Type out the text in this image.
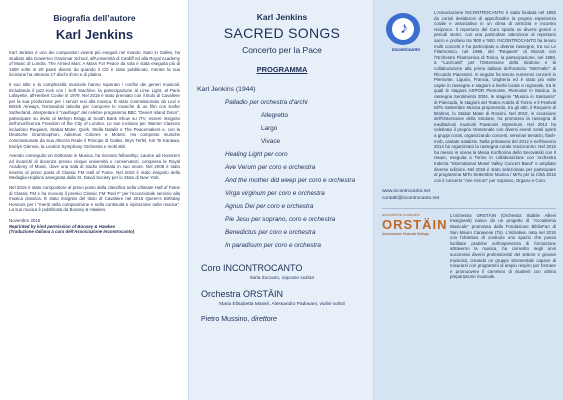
Biografia dell’autore
Karl Jenkins

Karl Jenkins è uno dei compositori viventi più eseguiti nel mondo. Nato in Galles, ha studiato alla Gowerton Grammar School, all'Università di Cardiff ed alla Royal Academy of Music di Londra. The Armed Man: A Mass For Peace da sola è stata eseguita più di 1800 volte in 20 paesi diversi da quando il CD è stato pubblicato, mentre la sua incisione ha ottenuto 17 dischi d'oro e di platino.

Il suo stile e la complessità musicale hanno superato i confini dei generi musicali, includendo il jazz-rock con i Soft Machine, la partecipazione al Lime Light, al Paris Lafayette, all'Herbert Cooke in 1979. Nel 2019 è stato premiato con il titolo di Cavaliere per la sua produzione per i servizi resi alla musica. È stato commissionato da Levi e British Airways, fermandosi talvolta per comporre le musiche di un film con Keifer Sutherland, interpretare il "naufrago" del celebre programma BBC "Desert Island Discs", partecipare su invito al Melvyn Bragg al South Bank Show su ITV, essere insignito dell'onorificenza Freedom of the City of London. Le sue incisioni per Warner Classics includono Requiem, Stabat Mater, Quirk, Stella Natalis e The Peacemakers e, con la Deutsche Grammophon, Adiemus Colores e Motets. Ha composto musiche commissionate da Sua Altezza Reale il Principe di Galles, Bryn Terfel, Kiri Te Kanawa, Evelyn Glennie, la London Symphony Orchestra e molti altri.

Avendo conseguito un Dottorato in Musica, ha ricevuto fellowship, Lauree ad Honorem ed incarichi di docenza presso cinque università o conservatori, compresa la Royal Academy of Music, dove una sala di studio intitolata in suo onore. Nel 2008 è stato inserito al primo posto di Classic FM Hall of Fame. Nel 2015 è stato insignito della Medaglia Hopkins assegnata dalla St. David Society per lo Stato di New York.

Nel 2015 è stato compositore al primo posto della classifica nella Ultimate Hall of Fame di Classic FM e ha ricevuto il premio Classic FM 'Red F' per l'eccezionale servizio alla musica classica. È stato insignito del titolo di Cavaliere nel 2015 Queen's Birthday Honours per i "meriti nella composizione e nella continuità e ispirazione nella musica". La sua musica è pubblicata da Boosey & Hawkes.

Novembre 2015
Reprinted by kind permission of Boosey & Hawkes
(Traduzione italiana a cura dell'Associazione Incontrocanto)
Karl Jenkins
SACRED SONGS
Concerto per la Pace
PROGRAMMA
Karl Jenkins (1944)
Palladio per orchestra d'archi
Allegretto
Largo
Vivace
Healing Light per coro
Ave Verum per coro e orchestra
And the mother did weep per coro e orchestra
Virga virginum per coro e orchestra
Agnus Dei per coro e orchestra
Pie Jesu per soprano, coro e orchestra
Benedictus per coro e orchestra
In paradisum per coro e orchestra
Coro INCONTROCANTO
Ilaria Zuccaro, soprano solista
Orchestra ORSTÄIN
Maria Elisabetta Massé, Alessandro Padovani, violini solisti
Pietro Mussino, direttore
♪
Incontrocanto

L'Associazione INCONTROCANTO è stata fondata nel 1993 da coristi desiderosi di approfondire la propria esperienza corale e associativa in un clima di amicizia e incontro reciproco. Il repertorio del Coro spazia su diversi generi e periodi storici, con una particolare attenzione al repertorio sacro e profano tra '800 e '900. INCONTROCANTO ha tenuto molti concerti e ha partecipato a diverse rassegne, tra cui Le Filarmonico, nel 1996, del "Requiem" di Mozart con l'Orchestra Filarmonica di Torino, la partecipazione, nel 1998, a "LuciCanti" per l'Ostensione della Sindone e la collaborazione alla prima italiana dell'oratorio "Mat'Hallo" di Riccardo Piacentini. In seguito ha tenuto numerosi concerti in Piemonte, Liguria, Francia, Ungheria ed è stato più volte ospite in rassegne e stagioni a livello locale e regionale, tra le quali le stagioni ASPOR Piemonte, Piemonte in Musica, la rassegna Sentimento 2004, le stagioni "Musica in Santuario" di Piancada, le stagioni del Teatro Araldo di Torino e il Festival MiTo Settembre Musica proponendo, tra gli altri, il Requiem di Brahms, lo Stabat Mater di Rossini. Nel 2010, in occasione dell'Ostensione della Sindone, ha promosso la rassegna di meditazioni musicali Passionis Mysterium. Nel 2013 ha celebrato il proprio Ventennale con diversi eventi corali aperti a gruppi corali, organizzando concerti, seminari tematici, flash-mob, cantate natalizie. Nella primavera del 2012 e nell'inverno 2014 ha organizzato la rassegna corale Vocincontro. Nel 2015 ha messo in scena la Missa Korthorina dello Serovatski con Il Hauer, eseguita a Torino in collaborazione con 'orchestra Indecta "International Mosel Valley Concert Band" e ampliato diverse edizioni. Nel 2015 è stato selezionato per partecipare al programma MiTo Settembre Musica / MiTo per la Città 2015 con il concerto "Ave Verum" per Soprano, Organo e Coro.

www.incontrocanto.net
contatti@incontrocanto.net
accademia musicale
ORSTÄIN
Associazione Musicale Bellagio

L'orchestra ORSTÄIN (Orchestra Stabile Allievi Insegnanti) nasce da un progetto di "Accademia Musicale" promossa dalla Fondazione BiblioFan di San Mauro Canavese (To). L'iniziativa, nata nel 2015 con l'obiettivo di costruire uno spazio che possa facilitare pratiche sull'esperienza di formazione attraverso la musica, ha coinvolto negli anni successivi diversi professionisti del settore e giovani musicisti, creando un gruppo strumentale capace di misurarsi con programmi di ampio respiro per formare e promuovere il cammino di studenti con ottima preparazione musicale.
